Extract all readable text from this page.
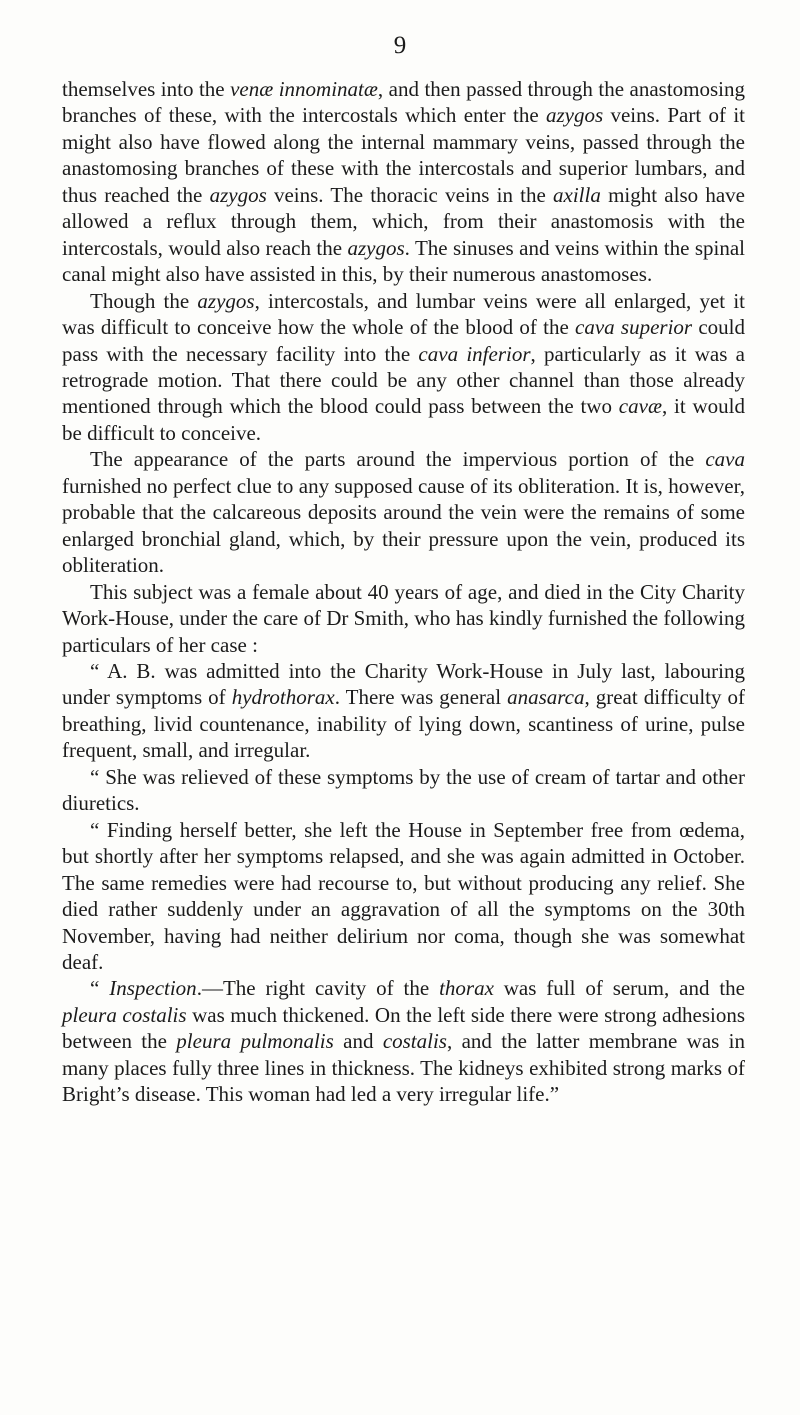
9

themselves into the venæ innominatæ, and then passed through the anastomosing branches of these, with the intercostals which enter the azygos veins. Part of it might also have flowed along the internal mammary veins, passed through the anastomosing branches of these with the intercostals and superior lumbars, and thus reached the azygos veins. The thoracic veins in the axilla might also have allowed a reflux through them, which, from their anastomosis with the intercostals, would also reach the azygos. The sinuses and veins within the spinal canal might also have assisted in this, by their numerous anastomoses.

Though the azygos, intercostals, and lumbar veins were all enlarged, yet it was difficult to conceive how the whole of the blood of the cava superior could pass with the necessary facility into the cava inferior, particularly as it was a retrograde motion. That there could be any other channel than those already mentioned through which the blood could pass between the two cavæ, it would be difficult to conceive.

The appearance of the parts around the impervious portion of the cava furnished no perfect clue to any supposed cause of its obliteration. It is, however, probable that the calcareous deposits around the vein were the remains of some enlarged bronchial gland, which, by their pressure upon the vein, produced its obliteration.

This subject was a female about 40 years of age, and died in the City Charity Work-House, under the care of Dr Smith, who has kindly furnished the following particulars of her case :

“ A. B. was admitted into the Charity Work-House in July last, labouring under symptoms of hydrothorax. There was general anasarca, great difficulty of breathing, livid countenance, inability of lying down, scantiness of urine, pulse frequent, small, and irregular.

“ She was relieved of these symptoms by the use of cream of tartar and other diuretics.

“ Finding herself better, she left the House in September free from œdema, but shortly after her symptoms relapsed, and she was again admitted in October. The same remedies were had recourse to, but without producing any relief. She died rather suddenly under an aggravation of all the symptoms on the 30th November, having had neither delirium nor coma, though she was somewhat deaf.

“ Inspection.—The right cavity of the thorax was full of serum, and the pleura costalis was much thickened. On the left side there were strong adhesions between the pleura pulmonalis and costalis, and the latter membrane was in many places fully three lines in thickness. The kidneys exhibited strong marks of Bright’s disease. This woman had led a very irregular life.”
